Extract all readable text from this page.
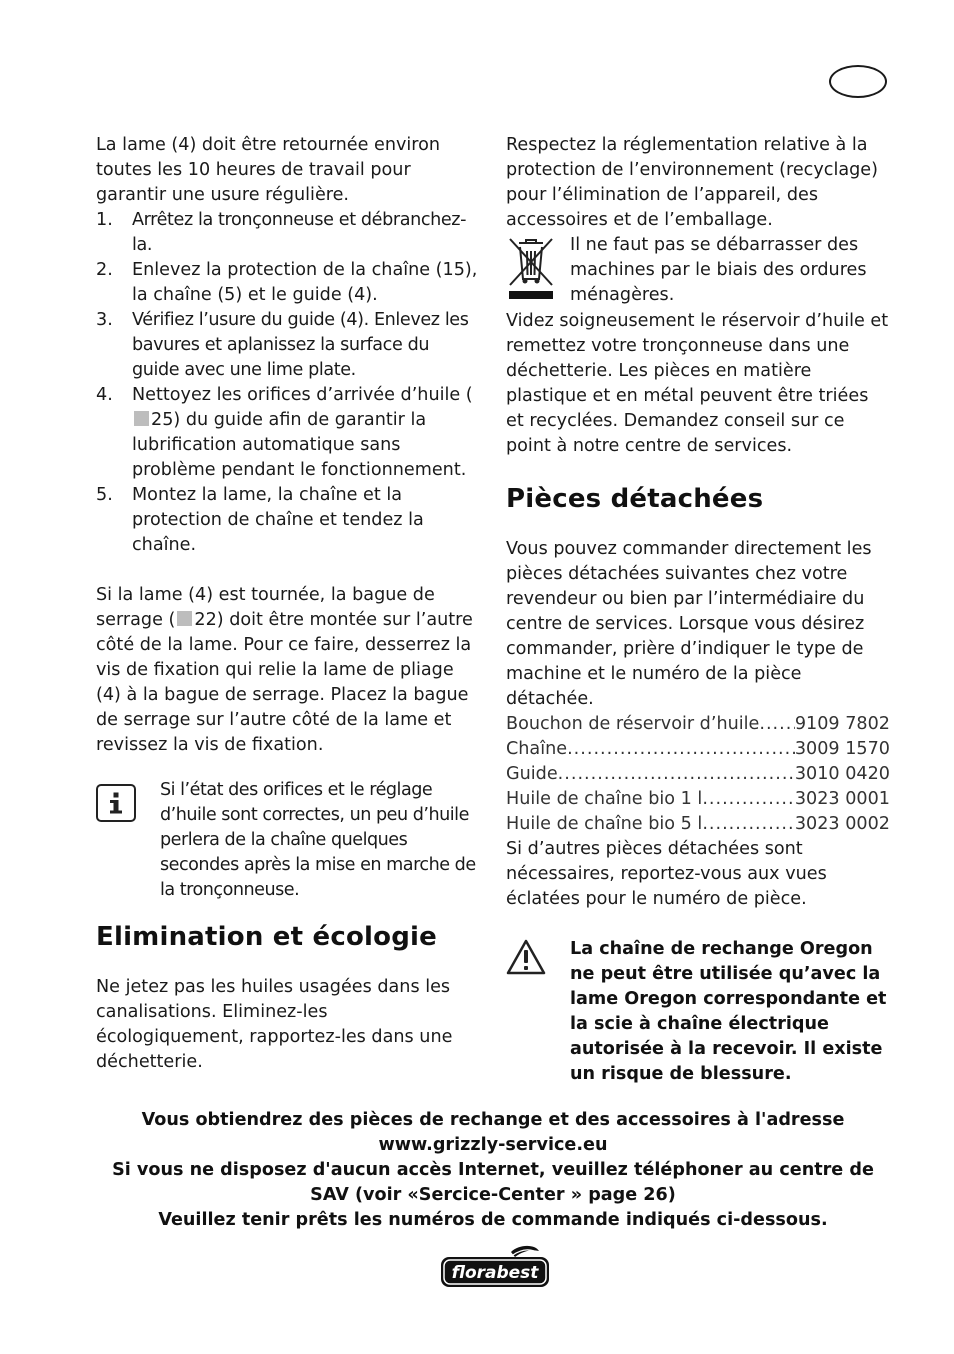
La lame (4) doit être retournée environ toutes les 10 heures de travail pour garantir une usure régulière.

1.	Arrêtez la tronçonneuse et débranchez-la.
2.	Enlevez la protection de la chaîne (15), la chaîne (5) et le guide (4).
3.	Vérifiez l’usure du guide (4). Enlevez les bavures et aplanissez la surface du guide avec une lime plate.
4.	Nettoyez les orifices d’arrivée d’huile (25) du guide afin de garantir la lubrification automatique sans problème pendant le fonctionnement.
5.	Montez la lame, la chaîne et la protection de chaîne et tendez la chaîne.

Si la lame (4) est tournée, la bague de serrage ( 22) doit être montée sur l’autre côté de la lame. Pour ce faire, desserrez la vis de fixation qui relie la lame de pliage (4) à la bague de serrage. Placez la bague de serrage sur l’autre côté de la lame et revissez la vis de fixation.

Si l’état des orifices et le réglage d’huile sont correctes, un peu d’huile perlera de la chaîne quelques secondes après la mise en marche de la tronçonneuse.

Elimination et écologie

Ne jetez pas les huiles usagées dans les canalisations. Eliminez-les écologiquement, rapportez-les dans une déchetterie.

Respectez la réglementation relative à la protection de l’environnement (recyclage) pour l’élimination de l’appareil, des accessoires et de l’emballage.

Il ne faut pas se débarrasser des machines par le biais des ordures ménagères.

Videz soigneusement le réservoir d’huile et remettez votre tronçonneuse dans une déchetterie. Les pièces en matière plastique et en métal peuvent être triées et recyclées. Demandez conseil sur ce point à notre centre de services.

Pièces détachées

Vous pouvez commander directement les pièces détachées suivantes chez votre revendeur ou bien par l’intermédiaire du centre de services. Lorsque vous désirez commander, prière d’indiquer le type de machine et le numéro de la pièce détachée.

Bouchon de réservoir d’huile ..... 9109 7802
Chaîne .....	3009 1570
Guide .....	3010 0420
Huile de chaîne bio 1 l .....	3023 0001
Huile de chaîne bio 5 l .....	3023 0002

Si d’autres pièces détachées sont nécessaires, reportez-vous aux vues éclatées pour le numéro de pièce.

La chaîne de rechange Oregon ne peut être utilisée qu’avec la lame Oregon correspondante et la scie à chaîne électrique autorisée à la recevoir. Il existe un risque de blessure.

Vous obtiendrez des pièces de rechange et des accessoires à l'adresse
www.grizzly-service.eu
Si vous ne disposez d'aucun accès Internet, veuillez téléphoner au centre de SAV (voir «Sercice-Center » page 26)
Veuillez tenir prêts les numéros de commande indiqués ci-dessous.
florabest
